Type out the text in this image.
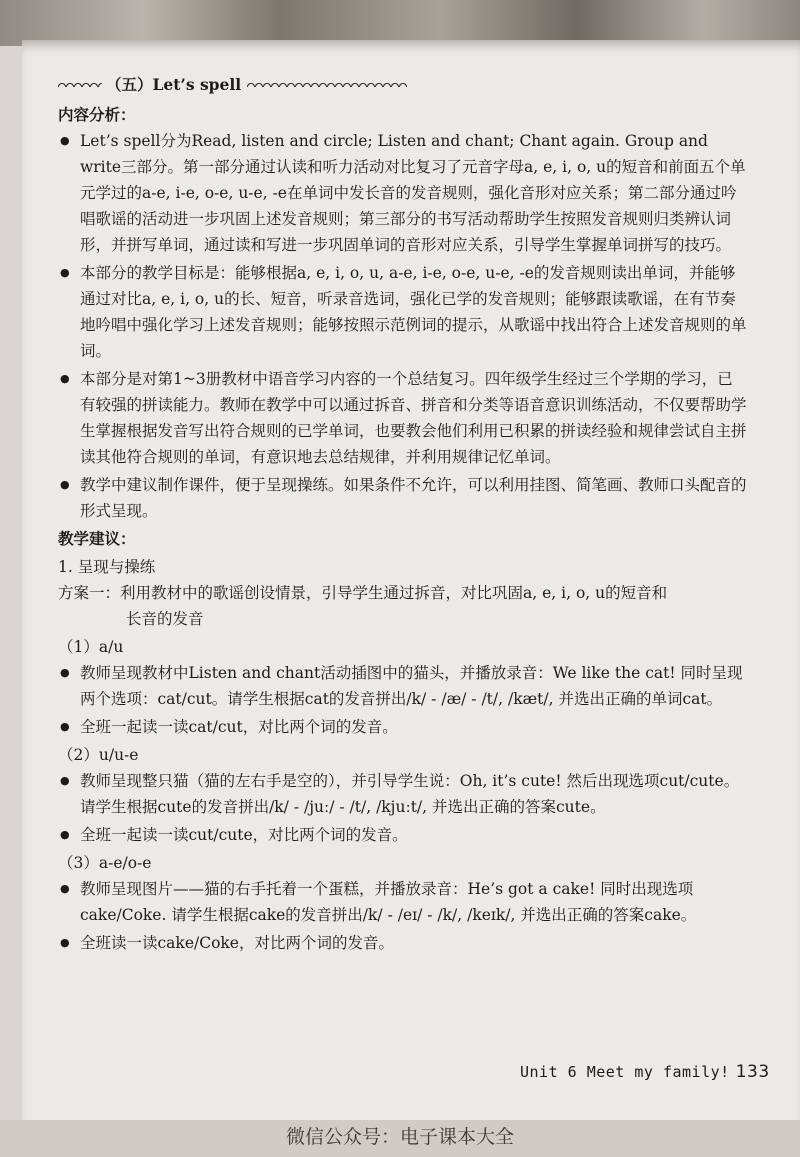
（五）Let’s spell

内容分析：

● Let’s spell分为Read, listen and circle; Listen and chant; Chant again. Group and write三部分。第一部分通过认读和听力活动对比复习了元音字母a, e, i, o, u的短音和前面五个单元学过的a-e, i-e, o-e, u-e, -e在单词中发长音的发音规则，强化音形对应关系；第二部分通过吟唱歌谣的活动进一步巩固上述发音规则；第三部分的书写活动帮助学生按照发音规则归类辨认词形，并拼写单词，通过读和写进一步巩固单词的音形对应关系，引导学生掌握单词拼写的技巧。
● 本部分的教学目标是：能够根据a, e, i, o, u, a-e, i-e, o-e, u-e, -e的发音规则读出单词，并能够通过对比a, e, i, o, u的长、短音，听录音选词，强化已学的发音规则；能够跟读歌谣，在有节奏地吟唱中强化学习上述发音规则；能够按照示范例词的提示，从歌谣中找出符合上述发音规则的单词。
● 本部分是对第1~3册教材中语音学习内容的一个总结复习。四年级学生经过三个学期的学习，已有较强的拼读能力。教师在教学中可以通过拆音、拼音和分类等语音意识训练活动，不仅要帮助学生掌握根据发音写出符合规则的已学单词，也要教会他们利用已积累的拼读经验和规律尝试自主拼读其他符合规则的单词，有意识地去总结规律，并利用规律记忆单词。
● 教学中建议制作课件，便于呈现操练。如果条件不允许，可以利用挂图、简笔画、教师口头配音的形式呈现。

教学建议：

1. 呈现与操练

方案一：利用教材中的歌谣创设情景，引导学生通过拆音，对比巩固a, e, i, o, u的短音和
长音的发音

（1）a/u

● 教师呈现教材中Listen and chant活动插图中的猫头，并播放录音：We like the cat! 同时呈现两个选项：cat/cut。请学生根据cat的发音拼出/k/ - /æ/ - /t/, /kæt/, 并选出正确的单词cat。
● 全班一起读一读cat/cut，对比两个词的发音。

（2）u/u-e

● 教师呈现整只猫（猫的左右手是空的），并引导学生说：Oh, it’s cute! 然后出现选项cut/cute。请学生根据cute的发音拼出/k/ - /juː/ - /t/, /kjuːt/, 并选出正确的答案cute。
● 全班一起读一读cut/cute，对比两个词的发音。

（3）a-e/o-e

● 教师呈现图片——猫的右手托着一个蛋糕，并播放录音：He’s got a cake! 同时出现选项cake/Coke. 请学生根据cake的发音拼出/k/ - /eɪ/ - /k/, /keɪk/, 并选出正确的答案cake。
● 全班读一读cake/Coke，对比两个词的发音。
Unit 6 Meet my family! 133
微信公众号：电子课本大全
